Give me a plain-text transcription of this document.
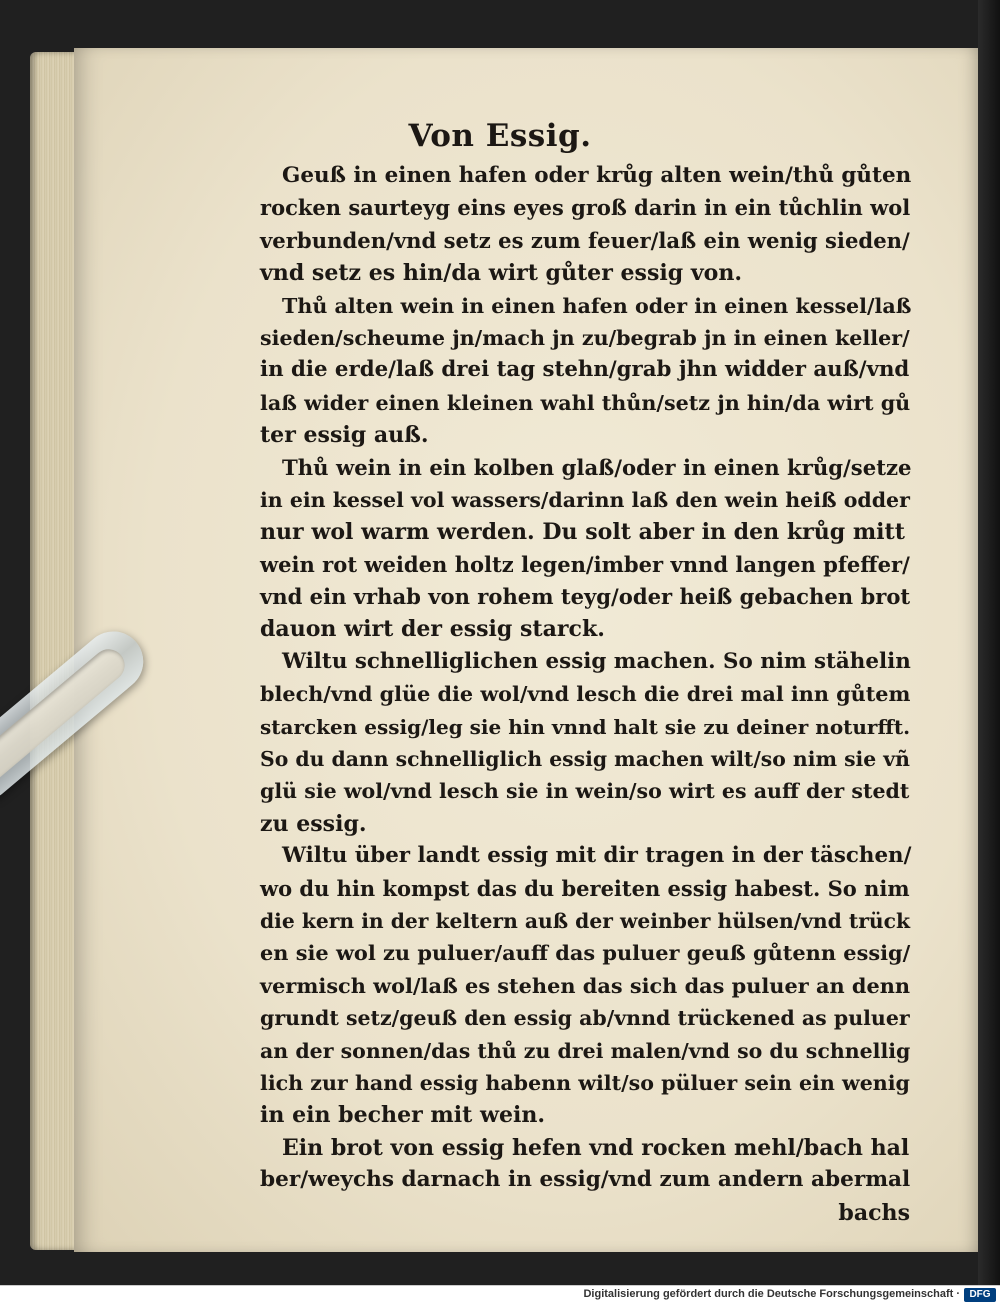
Von Essig.
Geuß in einen hafen oder krůg alten wein/thů gůten
rocken saurteyg eins eyes groß darin in ein tůchlin wol
verbunden/vnd setz es zum feuer/laß ein wenig sieden/
vnd setz es hin/da wirt gůter essig von.
Thů alten wein in einen hafen oder in einen kessel/laß
sieden/scheume jn/mach jn zu/begrab jn in einen keller/
in die erde/laß drei tag stehn/grab jhn widder auß/vnd
laß wider einen kleinen wahl thůn/setz jn hin/da wirt gů
ter essig auß.
Thů wein in ein kolben glaß/oder in einen krůg/setze
in ein kessel vol wassers/darinn laß den wein heiß odder
nur wol warm werden. Du solt aber in den krůg mitt
wein rot weiden holtz legen/imber vnnd langen pfeffer/
vnd ein vrhab von rohem teyg/oder heiß gebachen brot
dauon wirt der essig starck.
Wiltu schnelliglichen essig machen. So nim stähelin
blech/vnd glüe die wol/vnd lesch die drei mal inn gůtem
starcken essig/leg sie hin vnnd halt sie zu deiner noturfft.
So du dann schnelliglich essig machen wilt/so nim sie vñ
glü sie wol/vnd lesch sie in wein/so wirt es auff der stedt
zu essig.
Wiltu über landt essig mit dir tragen in der täschen/
wo du hin kompst das du bereiten essig habest. So nim
die kern in der keltern auß der weinber hülsen/vnd trück
en sie wol zu puluer/auff das puluer geuß gůtenn essig/
vermisch wol/laß es stehen das sich das puluer an denn
grundt setz/geuß den essig ab/vnnd trückened as puluer
an der sonnen/das thů zu drei malen/vnd so du schnellig
lich zur hand essig habenn wilt/so püluer sein ein wenig
in ein becher mit wein.
Ein brot von essig hefen vnd rocken mehl/bach hal
ber/weychs darnach in essig/vnd zum andern abermal
bachs
Digitalisierung gefördert durch die Deutsche Forschungsgemeinschaft · DFG
